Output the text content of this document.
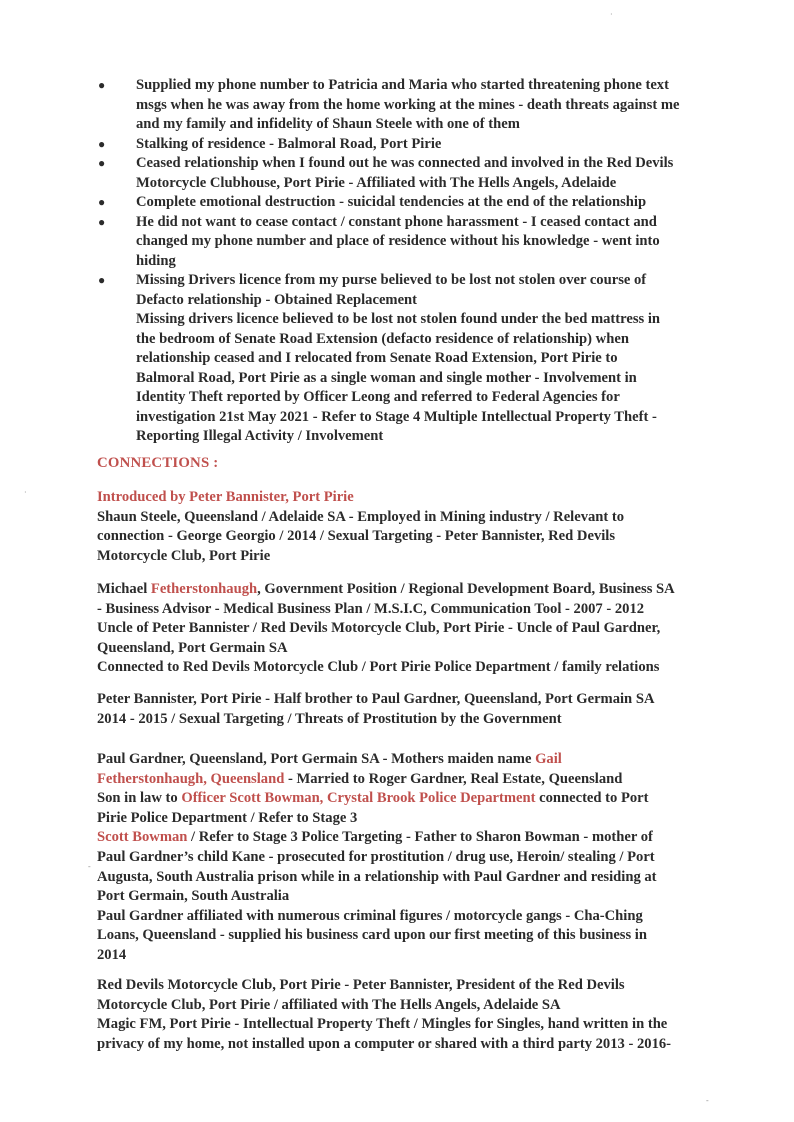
● Supplied my phone number to Patricia and Maria who started threatening phone text
msgs when he was away from the home working at the mines - death threats against me
and my family and infidelity of Shaun Steele with one of them
● Stalking of residence - Balmoral Road, Port Pirie
● Ceased relationship when I found out he was connected and involved in the Red Devils
Motorcycle Clubhouse, Port Pirie - Affiliated with The Hells Angels, Adelaide
● Complete emotional destruction - suicidal tendencies at the end of the relationship
● He did not want to cease contact / constant phone harassment - I ceased contact and
changed my phone number and place of residence without his knowledge - went into
hiding
● Missing Drivers licence from my purse believed to be lost not stolen over course of
Defacto relationship - Obtained Replacement
Missing drivers licence believed to be lost not stolen found under the bed mattress in
the bedroom of Senate Road Extension (defacto residence of relationship) when
relationship ceased and I relocated from Senate Road Extension, Port Pirie to
Balmoral Road, Port Pirie as a single woman and single mother - Involvement in
Identity Theft reported by Officer Leong and referred to Federal Agencies for
investigation 21st May 2021 - Refer to Stage 4 Multiple Intellectual Property Theft -
Reporting Illegal Activity / Involvement
CONNECTIONS :
Introduced by Peter Bannister, Port Pirie
Shaun Steele, Queensland / Adelaide SA - Employed in Mining industry / Relevant to
connection - George Georgio / 2014 / Sexual Targeting - Peter Bannister, Red Devils
Motorcycle Club, Port Pirie
Michael Fetherstonhaugh, Government Position / Regional Development Board, Business SA
- Business Advisor - Medical Business Plan / M.S.I.C, Communication Tool - 2007 - 2012
Uncle of Peter Bannister / Red Devils Motorcycle Club, Port Pirie - Uncle of Paul Gardner,
Queensland, Port Germain SA
Connected to Red Devils Motorcycle Club / Port Pirie Police Department / family relations
Peter Bannister, Port Pirie - Half brother to Paul Gardner, Queensland, Port Germain SA
2014 - 2015 / Sexual Targeting / Threats of Prostitution by the Government
Paul Gardner, Queensland, Port Germain SA - Mothers maiden name Gail
Fetherstonhaugh, Queensland - Married to Roger Gardner, Real Estate, Queensland
Son in law to Officer Scott Bowman, Crystal Brook Police Department connected to Port
Pirie Police Department / Refer to Stage 3
Scott Bowman / Refer to Stage 3 Police Targeting - Father to Sharon Bowman - mother of
Paul Gardner’s child Kane - prosecuted for prostitution / drug use, Heroin/ stealing / Port
Augusta, South Australia prison while in a relationship with Paul Gardner and residing at
Port Germain, South Australia
Paul Gardner affiliated with numerous criminal figures / motorcycle gangs - Cha-Ching
Loans, Queensland - supplied his business card upon our first meeting of this business in
2014
Red Devils Motorcycle Club, Port Pirie - Peter Bannister, President of the Red Devils
Motorcycle Club, Port Pirie / affiliated with The Hells Angels, Adelaide SA
Magic FM, Port Pirie - Intellectual Property Theft / Mingles for Singles, hand written in the
privacy of my home, not installed upon a computer or shared with a third party 2013 - 2016-
·
-
·
-
